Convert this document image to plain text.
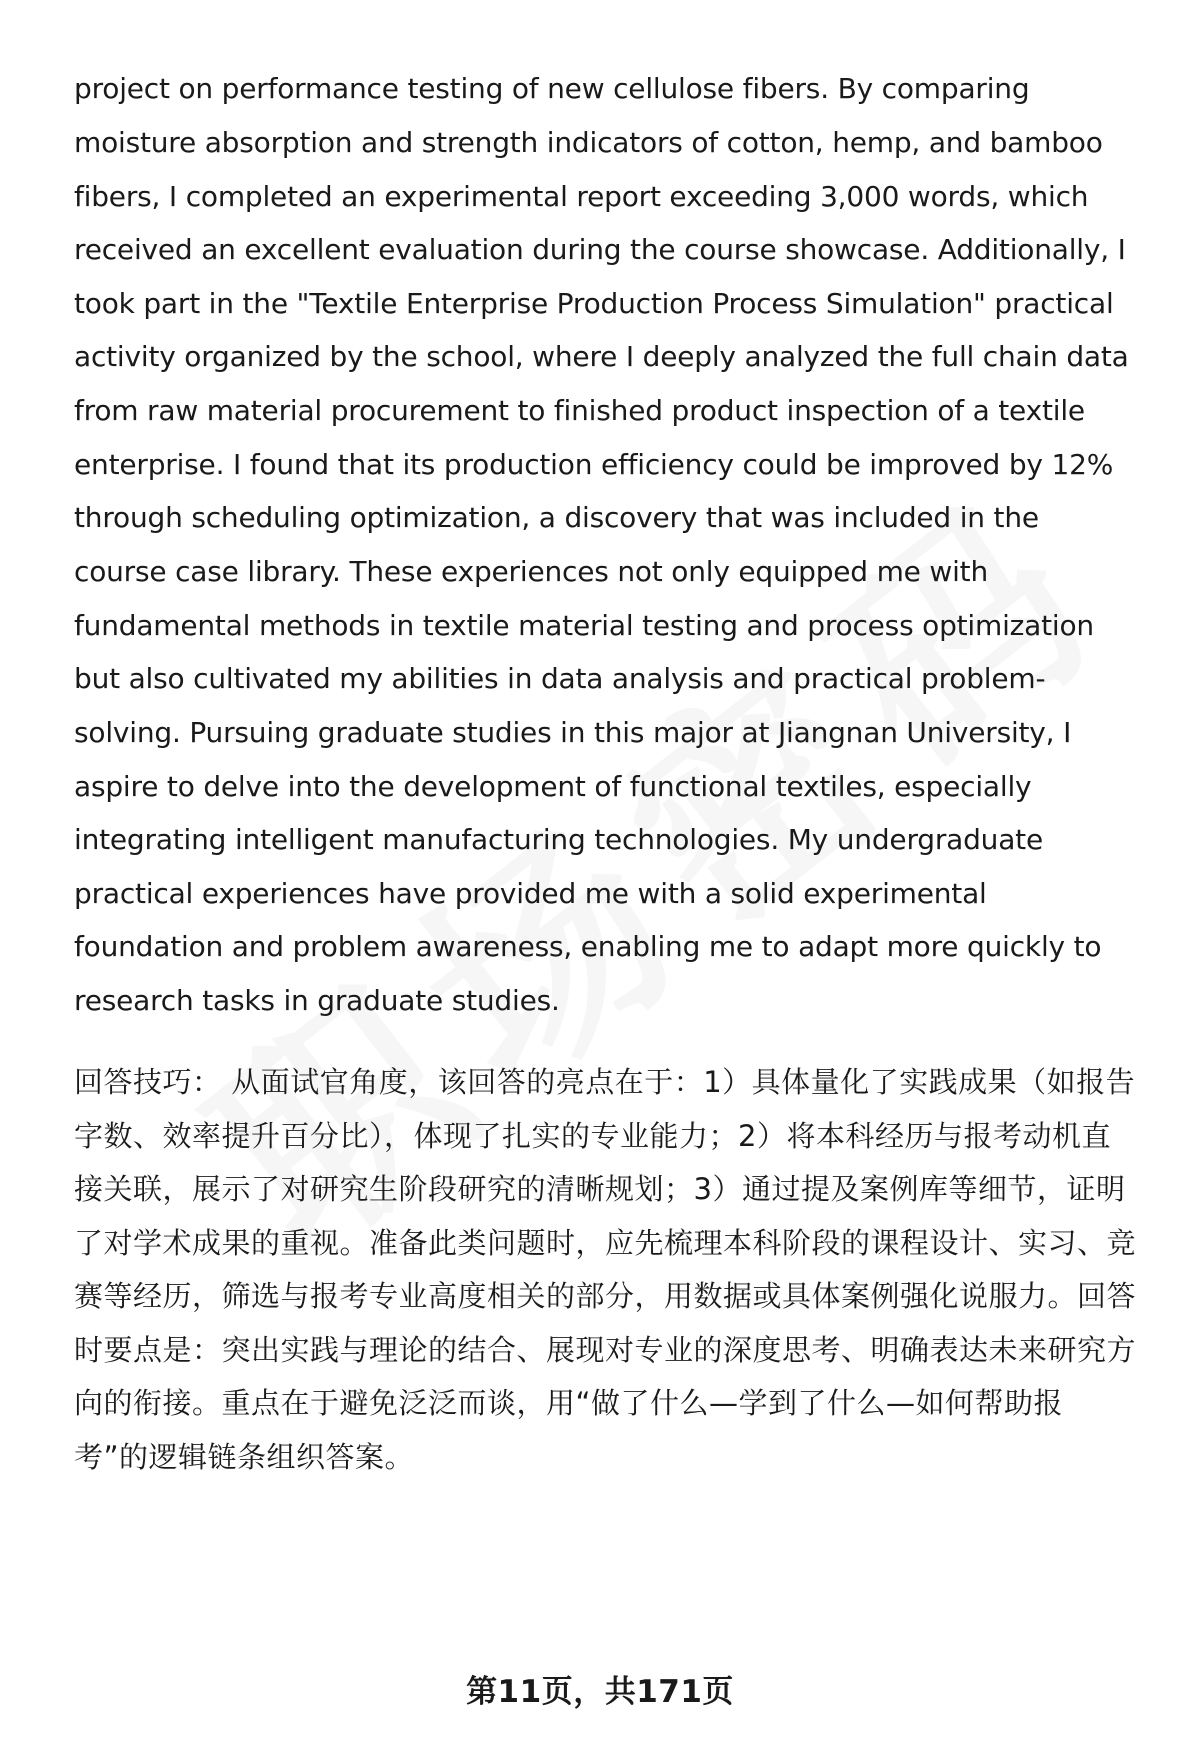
project on performance testing of new cellulose fibers. By comparing
moisture absorption and strength indicators of cotton, hemp, and bamboo
fibers, I completed an experimental report exceeding 3,000 words, which
received an excellent evaluation during the course showcase. Additionally, I
took part in the "Textile Enterprise Production Process Simulation" practical
activity organized by the school, where I deeply analyzed the full chain data
from raw material procurement to finished product inspection of a textile
enterprise. I found that its production efficiency could be improved by 12%
through scheduling optimization, a discovery that was included in the
course case library. These experiences not only equipped me with
fundamental methods in textile material testing and process optimization
but also cultivated my abilities in data analysis and practical problem-
solving. Pursuing graduate studies in this major at Jiangnan University, I
aspire to delve into the development of functional textiles, especially
integrating intelligent manufacturing technologies. My undergraduate
practical experiences have provided me with a solid experimental
foundation and problem awareness, enabling me to adapt more quickly to
research tasks in graduate studies.
回答技巧： 从面试官角度，该回答的亮点在于：1）具体量化了实践成果（如报告
字数、效率提升百分比），体现了扎实的专业能力；2）将本科经历与报考动机直
接关联，展示了对研究生阶段研究的清晰规划；3）通过提及案例库等细节，证明
了对学术成果的重视。准备此类问题时，应先梳理本科阶段的课程设计、实习、竞
赛等经历，筛选与报考专业高度相关的部分，用数据或具体案例强化说服力。回答
时要点是：突出实践与理论的结合、展现对专业的深度思考、明确表达未来研究方
向的衔接。重点在于避免泛泛而谈，用“做了什么—学到了什么—如何帮助报
考”的逻辑链条组织答案。
第11页，共171页
